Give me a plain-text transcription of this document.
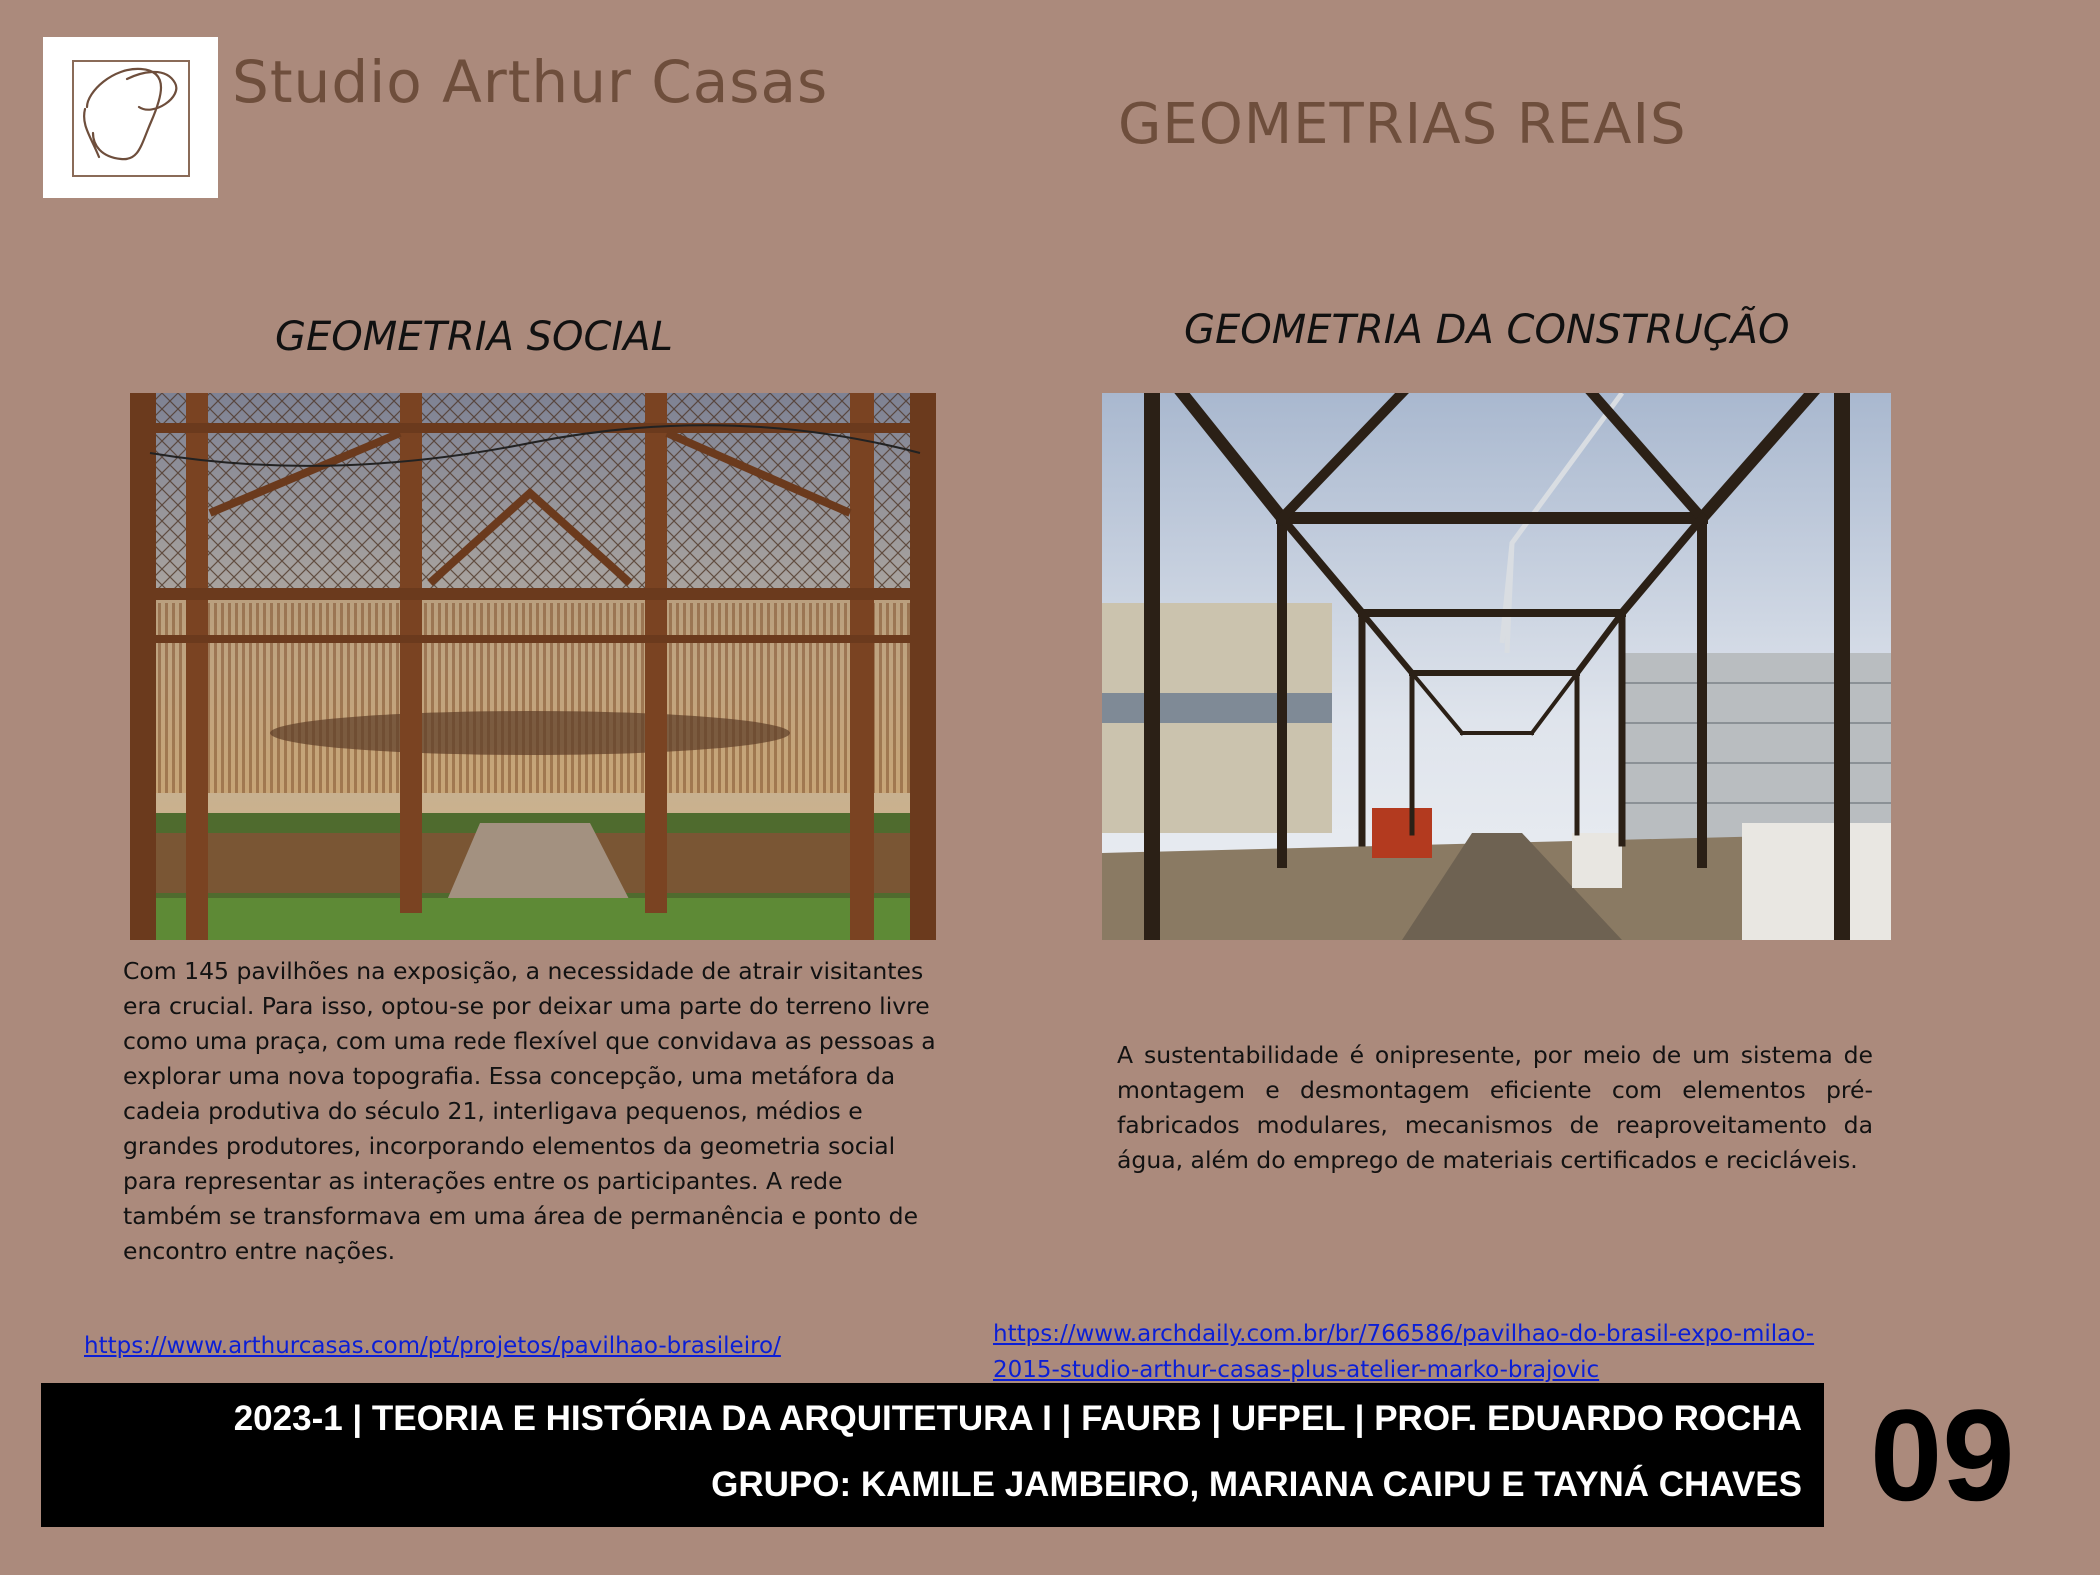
Studio Arthur Casas
GEOMETRIAS REAIS
GEOMETRIA SOCIAL	GEOMETRIA DA CONSTRUÇÃO
Com 145 pavilhões na exposição, a necessidade de atrair visitantes era crucial. Para isso, optou-se por deixar uma parte do terreno livre como uma praça, com uma rede flexível que convidava as pessoas a explorar uma nova topografia. Essa concepção, uma metáfora da cadeia produtiva do século 21, interligava pequenos, médios e grandes produtores, incorporando elementos da geometria social para representar as interações entre os participantes. A rede também se transformava em uma área de permanência e ponto de encontro entre nações.
A sustentabilidade é onipresente, por meio de um sistema de montagem e desmontagem eficiente com elementos pré-fabricados modulares, mecanismos de reaproveitamento da água, além do emprego de materiais certificados e recicláveis.
https://www.arthurcasas.com/pt/projetos/pavilhao-brasileiro/	https://www.archdaily.com.br/br/766586/pavilhao-do-brasil-expo-milao-2015-studio-arthur-casas-plus-atelier-marko-brajovic
2023-1 | TEORIA E HISTÓRIA DA ARQUITETURA I | FAURB | UFPEL | PROF. EDUARDO ROCHA
GRUPO: KAMILE JAMBEIRO, MARIANA CAIPU E TAYNÁ CHAVES 09
